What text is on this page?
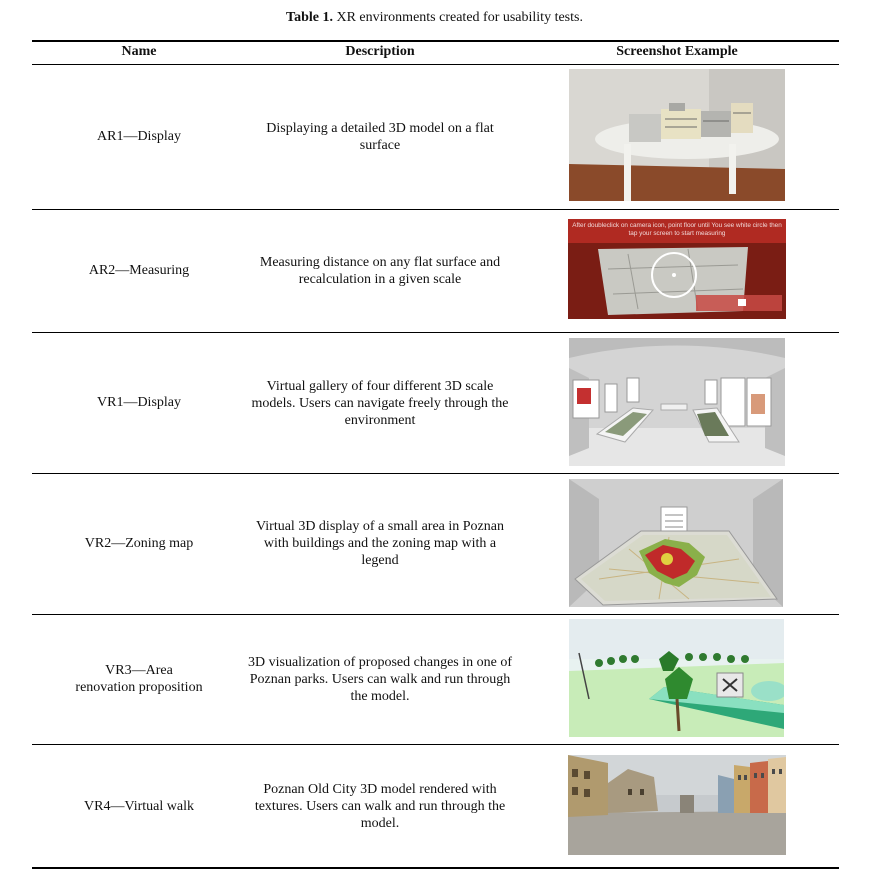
Table 1. XR environments created for usability tests.
Name	Description	Screenshot Example
AR1—Display
Displaying a detailed 3D model on a flat surface
AR2—Measuring
Measuring distance on any flat surface and recalculation in a given scale
After doubleclick on camera icon, point floor until You see white circle then tap your screen to start measuring
VR1—Display
Virtual gallery of four different 3D scale models. Users can navigate freely through the environment
VR2—Zoning map
Virtual 3D display of a small area in Poznan with buildings and the zoning map with a legend
VR3—Area
renovation proposition
3D visualization of proposed changes in one of Poznan parks. Users can walk and run through the model.
VR4—Virtual walk
Poznan Old City 3D model rendered with textures. Users can walk and run through the model.
